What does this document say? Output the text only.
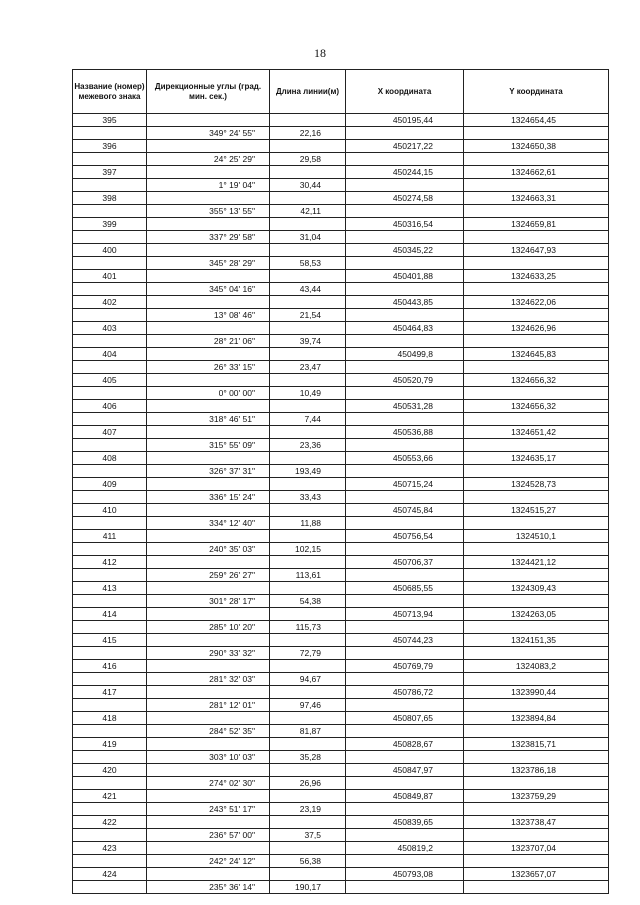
18
Название (номер) межевого знака	Дирекционные углы (град. мин. сек.)	Длина линии(м)	X координата	Y координата
395			450195,44	1324654,45
	349° 24' 55"	22,16		
396			450217,22	1324650,38
	24° 25' 29"	29,58		
397			450244,15	1324662,61
	1° 19' 04"	30,44		
398			450274,58	1324663,31
	355° 13' 55"	42,11		
399			450316,54	1324659,81
	337° 29' 58"	31,04		
400			450345,22	1324647,93
	345° 28' 29"	58,53		
401			450401,88	1324633,25
	345° 04' 16"	43,44		
402			450443,85	1324622,06
	13° 08' 46"	21,54		
403			450464,83	1324626,96
	28° 21' 06"	39,74		
404			450499,8	1324645,83
	26° 33' 15"	23,47		
405			450520,79	1324656,32
	0° 00' 00"	10,49		
406			450531,28	1324656,32
	318° 46' 51"	7,44		
407			450536,88	1324651,42
	315° 55' 09"	23,36		
408			450553,66	1324635,17
	326° 37' 31"	193,49		
409			450715,24	1324528,73
	336° 15' 24"	33,43		
410			450745,84	1324515,27
	334° 12' 40"	11,88		
411			450756,54	1324510,1
	240° 35' 03"	102,15		
412			450706,37	1324421,12
	259° 26' 27"	113,61		
413			450685,55	1324309,43
	301° 28' 17"	54,38		
414			450713,94	1324263,05
	285° 10' 20"	115,73		
415			450744,23	1324151,35
	290° 33' 32"	72,79		
416			450769,79	1324083,2
	281° 32' 03"	94,67		
417			450786,72	1323990,44
	281° 12' 01"	97,46		
418			450807,65	1323894,84
	284° 52' 35"	81,87		
419			450828,67	1323815,71
	303° 10' 03"	35,28		
420			450847,97	1323786,18
	274° 02' 30"	26,96		
421			450849,87	1323759,29
	243° 51' 17"	23,19		
422			450839,65	1323738,47
	236° 57' 00"	37,5		
423			450819,2	1323707,04
	242° 24' 12"	56,38		
424			450793,08	1323657,07
	235° 36' 14"	190,17		
